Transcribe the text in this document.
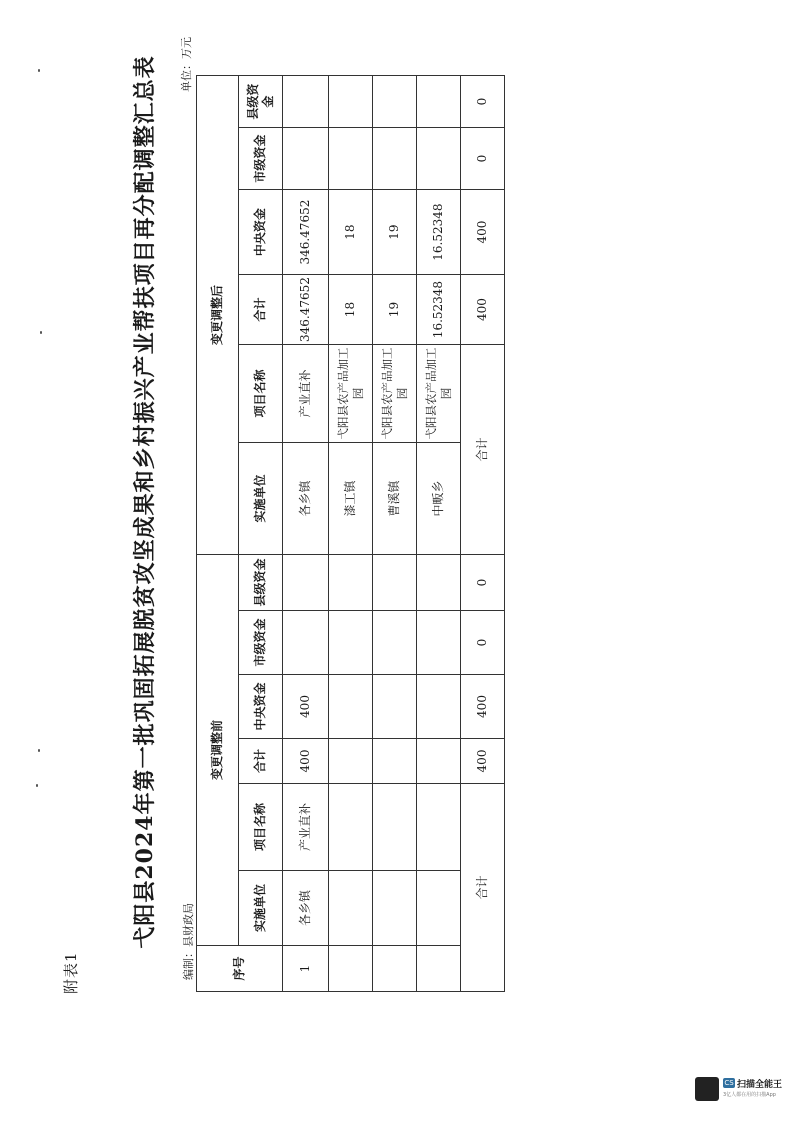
附表1
弋阳县2024年第一批巩固拓展脱贫攻坚成果和乡村振兴产业帮扶项目再分配调整汇总表 编制：县财政局
单位：万元
序号	变更调整前						变更调整后					
	实施单位	项目名称	合计	中央资金	市级资金	县级资金	实施单位	项目名称	合计	中央资金	市级资金	县级资金
1	各乡镇	产业直补	400	400			各乡镇	产业直补	346.47652	346.47652		
							漆工镇	弋阳县农产品加工园	18	18		
							曹溪镇	弋阳县农产品加工园	19	19		
							中畈乡	弋阳县农产品加工园	16.52348	16.52348		
合计			400	400	0	0	合计		400	400	0	0
CS 扫描全能王
3亿人都在用的扫描App
